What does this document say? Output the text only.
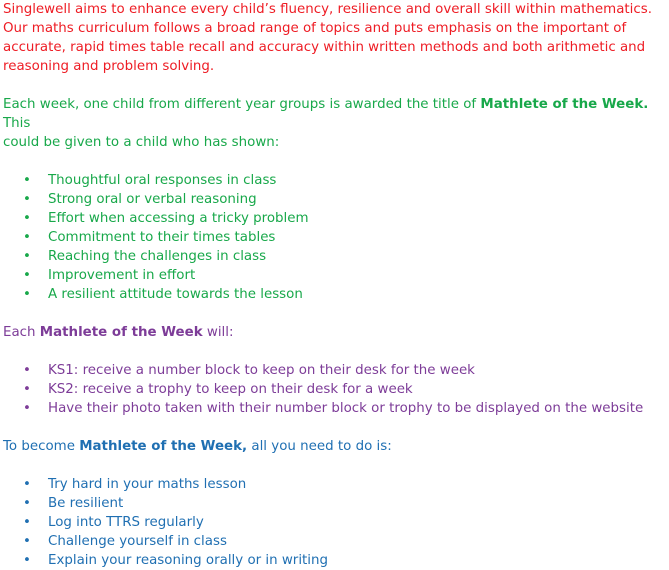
Singlewell aims to enhance every child’s fluency, resilience and overall skill within mathematics.

Our maths curriculum follows a broad range of topics and puts emphasis on the important of

accurate, rapid times table recall and accuracy within written methods and both arithmetic and

reasoning and problem solving.

Each week, one child from different year groups is awarded the title of Mathlete of the Week. This

could be given to a child who has shown:

• Thoughtful oral responses in class
• Strong oral or verbal reasoning
• Effort when accessing a tricky problem
• Commitment to their times tables
• Reaching the challenges in class
• Improvement in effort
• A resilient attitude towards the lesson

Each Mathlete of the Week will:

• KS1: receive a number block to keep on their desk for the week
• KS2: receive a trophy to keep on their desk for a week
• Have their photo taken with their number block or trophy to be displayed on the website

To become Mathlete of the Week, all you need to do is:

• Try hard in your maths lesson
• Be resilient
• Log into TTRS regularly
• Challenge yourself in class
• Explain your reasoning orally or in writing
